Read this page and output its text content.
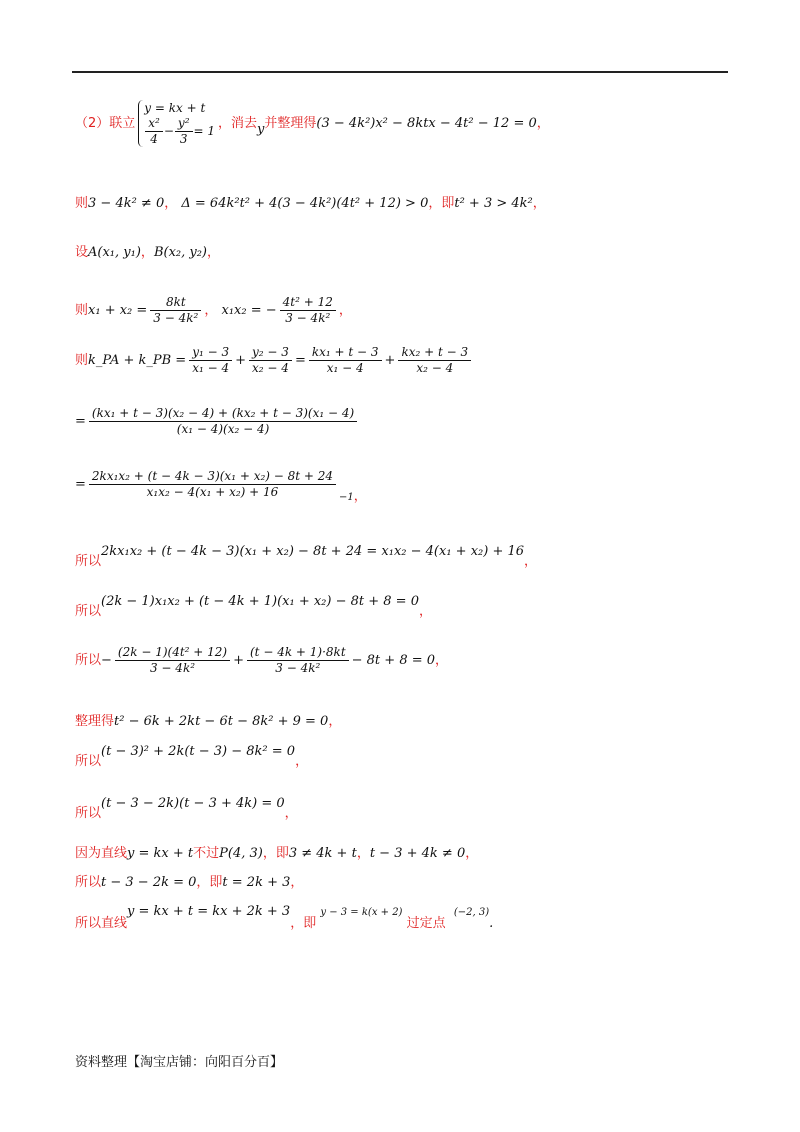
（2）联立
y = kx + t
$\frac{\text{x²}}{4} - \frac{\text{y²}}{3} = 1$ ，消去y并整理得(3 − 4k²)x² − 8ktx − 4t² − 12 = 0，
则3 − 4k² ≠ 0， Δ = 64k²t² + 4(3 − 4k²)(4t² + 12) > 0，即t² + 3 > 4k²，
设A(x₁, y₁)，B(x₂, y₂)，
则$x_1 + x_2 = \frac{8kt}{\text{3 − 4k²}}$ ， x₁x₂ = − $\frac{\text{4t² + 12}}{\text{3 − 4k²}}$ ，
则k_PA + k_PB = $\frac{\text{y₁ − 3}}{\text{x₁ − 4}} + \frac{\text{y₂ − 3}}{\text{x₂ − 4}} = \frac{\text{kx₁ + t − 3}}{\text{x₁ − 4}} + \frac{\text{kx₂ + t − 3}}{\text{x₂ − 4}}$
= $\frac{\text{(kx₁ + t − 3)(x₂ − 4) + (kx₂ + t − 3)(x₁ − 4)}}{\text{(x₁ − 4)(x₂ − 4)}}$
= $\frac{\text{2kx₁x₂ + (t − 4k − 3)(x₁ + x₂) − 8t + 24}}{\text{x₁x₂ − 4(x₁ + x₂) + 16}} _{-1}$，
所以2kx₁x₂ + (t − 4k − 3)(x₁ + x₂) − 8t + 24 = x₁x₂ − 4(x₁ + x₂) + 16，
所以(2k − 1)x₁x₂ + (t − 4k + 1)(x₁ + x₂) − 8t + 8 = 0，
所以− $\frac{\text{(2k − 1)(4t² + 12)}}{\text{3 − 4k²}} + \frac{(t - 4k + 1)\cdot 8kt}{\text{3 − 4k²}} - 8t + 8 = 0$，
整理得t² − 6k + 2kt − 6t − 8k² + 9 = 0，
所以(t − 3)² + 2k(t − 3) − 8k² = 0，
所以(t − 3 − 2k)(t − 3 + 4k) = 0，
因为直线y = kx + t不过P(4, 3)，即3 ≠ 4k + t，t − 3 + 4k ≠ 0，
所以t − 3 − 2k = 0，即t = 2k + 3，
所以直线y = kx + t = kx + 2k + 3，即 y − 3 = k(x + 2) 过定点  (−2, 3).
资料整理【淘宝店铺：向阳百分百】
